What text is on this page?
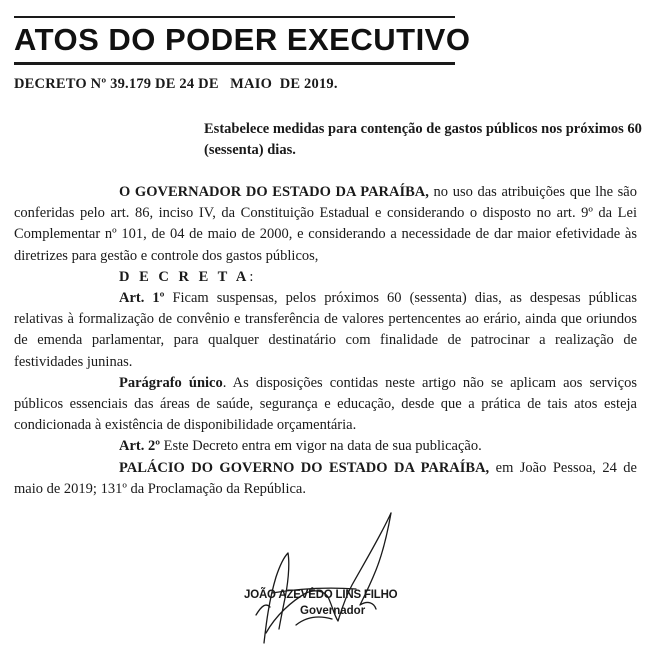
ATOS DO PODER EXECUTIVO
DECRETO Nº 39.179 DE 24 DE   MAIO  DE 2019.
Estabelece medidas para contenção de gastos públicos nos próximos 60 (sessenta) dias.

O GOVERNADOR DO ESTADO DA PARAÍBA, no uso das atribuições que lhe são conferidas pelo art. 86, inciso IV, da Constituição Estadual e considerando o disposto no art. 9º da Lei Complementar nº 101, de 04 de maio de 2000, e considerando a necessidade de dar maior efetividade às diretrizes para gestão e controle dos gastos públicos,

D E C R E T A:

Art. 1º Ficam suspensas, pelos próximos 60 (sessenta) dias, as despesas públicas relativas à formalização de convênio e transferência de valores pertencentes ao erário, ainda que oriundos de emenda parlamentar, para qualquer destinatário com finalidade de patrocinar a realização de festividades juninas.

Parágrafo único. As disposições contidas neste artigo não se aplicam aos serviços públicos essenciais das áreas de saúde, segurança e educação, desde que a prática de tais atos esteja condicionada à existência de disponibilidade orçamentária.

Art. 2º Este Decreto entra em vigor na data de sua publicação.

PALÁCIO DO GOVERNO DO ESTADO DA PARAÍBA, em João Pessoa, 24 de maio de 2019; 131º da Proclamação da República.

JOÃO AZEVÊDO LINS FILHO
Governador
